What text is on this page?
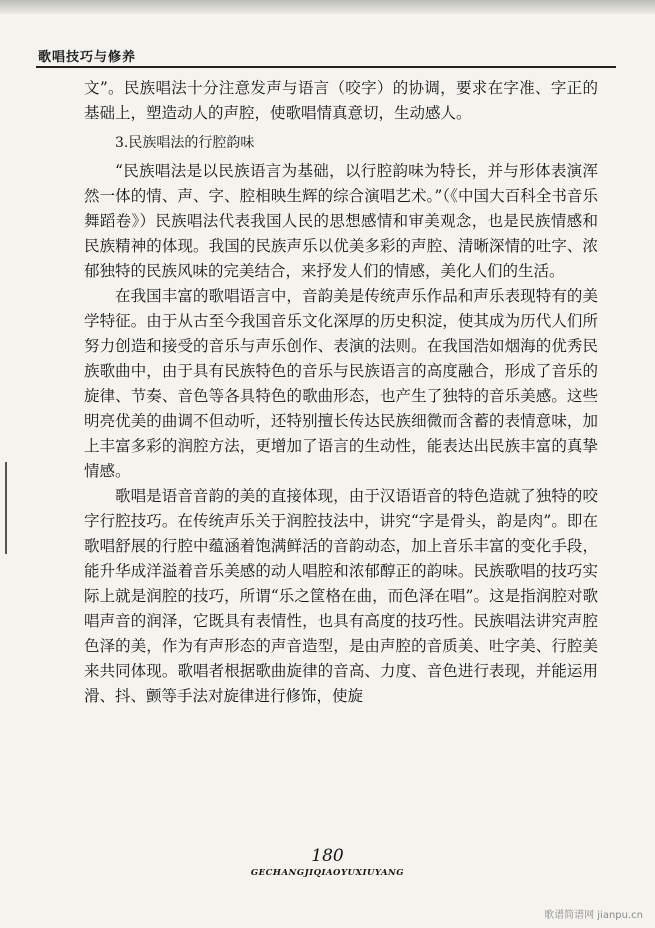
歌唱技巧与修养

文”。民族唱法十分注意发声与语言（咬字）的协调，要求在字准、字正的基础上，塑造动人的声腔，使歌唱情真意切，生动感人。

3.民族唱法的行腔韵味

“民族唱法是以民族语言为基础，以行腔韵味为特长，并与形体表演浑然一体的情、声、字、腔相映生辉的综合演唱艺术。”（《中国大百科全书音乐舞蹈卷》）民族唱法代表我国人民的思想感情和审美观念，也是民族情感和民族精神的体现。我国的民族声乐以优美多彩的声腔、清晰深情的吐字、浓郁独特的民族风味的完美结合，来抒发人们的情感，美化人们的生活。

在我国丰富的歌唱语言中，音韵美是传统声乐作品和声乐表现特有的美学特征。由于从古至今我国音乐文化深厚的历史积淀，使其成为历代人们所努力创造和接受的音乐与声乐创作、表演的法则。在我国浩如烟海的优秀民族歌曲中，由于具有民族特色的音乐与民族语言的高度融合，形成了音乐的旋律、节奏、音色等各具特色的歌曲形态，也产生了独特的音乐美感。这些明亮优美的曲调不但动听，还特别擅长传达民族细微而含蓄的表情意味，加上丰富多彩的润腔方法，更增加了语言的生动性，能表达出民族丰富的真挚情感。

歌唱是语音音韵的美的直接体现，由于汉语语音的特色造就了独特的咬字行腔技巧。在传统声乐关于润腔技法中，讲究“字是骨头，韵是肉”。即在歌唱舒展的行腔中蕴涵着饱满鲜活的音韵动态，加上音乐丰富的变化手段，能升华成洋溢着音乐美感的动人唱腔和浓郁醇正的韵味。民族歌唱的技巧实际上就是润腔的技巧，所谓“乐之筐格在曲，而色泽在唱”。这是指润腔对歌唱声音的润泽，它既具有表情性，也具有高度的技巧性。民族唱法讲究声腔色泽的美，作为有声形态的声音造型，是由声腔的音质美、吐字美、行腔美来共同体现。歌唱者根据歌曲旋律的音高、力度、音色进行表现，并能运用滑、抖、颤等手法对旋律进行修饰，使旋

180
GECHANGJIQIAOYUXIUYANG
歌谱简谱网 jianpu.cn
